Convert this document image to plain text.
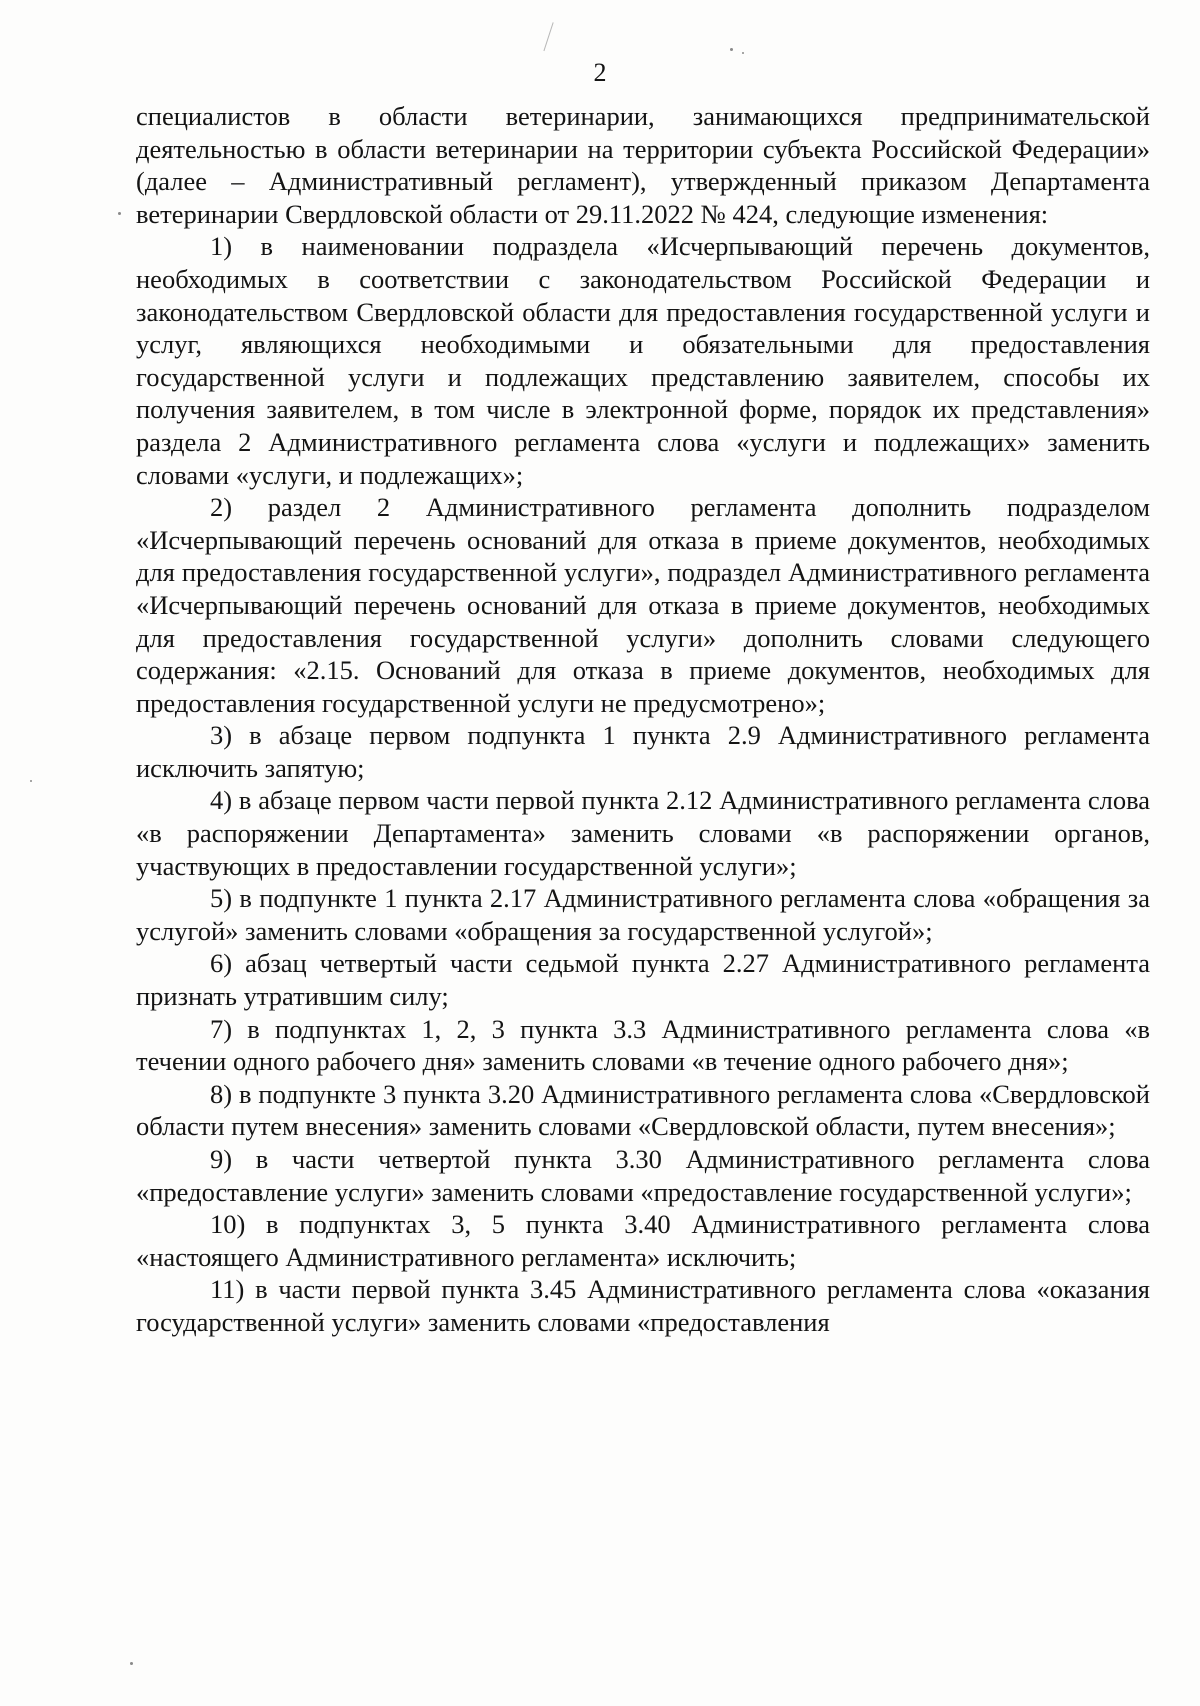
2

специалистов в области ветеринарии, занимающихся предпринимательской деятельностью в области ветеринарии на территории субъекта Российской Федерации» (далее – Административный регламент), утвержденный приказом Департамента ветеринарии Свердловской области от 29.11.2022 № 424, следующие изменения:

1) в наименовании подраздела «Исчерпывающий перечень документов, необходимых в соответствии с законодательством Российской Федерации и законодательством Свердловской области для предоставления государственной услуги и услуг, являющихся необходимыми и обязательными для предоставления государственной услуги и подлежащих представлению заявителем, способы их получения заявителем, в том числе в электронной форме, порядок их представления» раздела 2 Административного регламента слова «услуги и подлежащих» заменить словами «услуги, и подлежащих»;

2) раздел 2 Административного регламента дополнить подразделом «Исчерпывающий перечень оснований для отказа в приеме документов, необходимых для предоставления государственной услуги», подраздел Административного регламента «Исчерпывающий перечень оснований для отказа в приеме документов, необходимых для предоставления государственной услуги» дополнить словами следующего содержания: «2.15. Оснований для отказа в приеме документов, необходимых для предоставления государственной услуги не предусмотрено»;

3) в абзаце первом подпункта 1 пункта 2.9 Административного регламента исключить запятую;

4) в абзаце первом части первой пункта 2.12 Административного регламента слова «в распоряжении Департамента» заменить словами «в распоряжении органов, участвующих в предоставлении государственной услуги»;

5) в подпункте 1 пункта 2.17 Административного регламента слова «обращения за услугой» заменить словами «обращения за государственной услугой»;

6) абзац четвертый части седьмой пункта 2.27 Административного регламента признать утратившим силу;

7) в подпунктах 1, 2, 3 пункта 3.3 Административного регламента слова «в течении одного рабочего дня» заменить словами «в течение одного рабочего дня»;

8) в подпункте 3 пункта 3.20 Административного регламента слова «Свердловской области путем внесения» заменить словами «Свердловской области, путем внесения»;

9) в части четвертой пункта 3.30 Административного регламента слова «предоставление услуги» заменить словами «предоставление государственной услуги»;

10) в подпунктах 3, 5 пункта 3.40 Административного регламента слова «настоящего Административного регламента» исключить;

11) в части первой пункта 3.45 Административного регламента слова «оказания государственной услуги» заменить словами «предоставления
